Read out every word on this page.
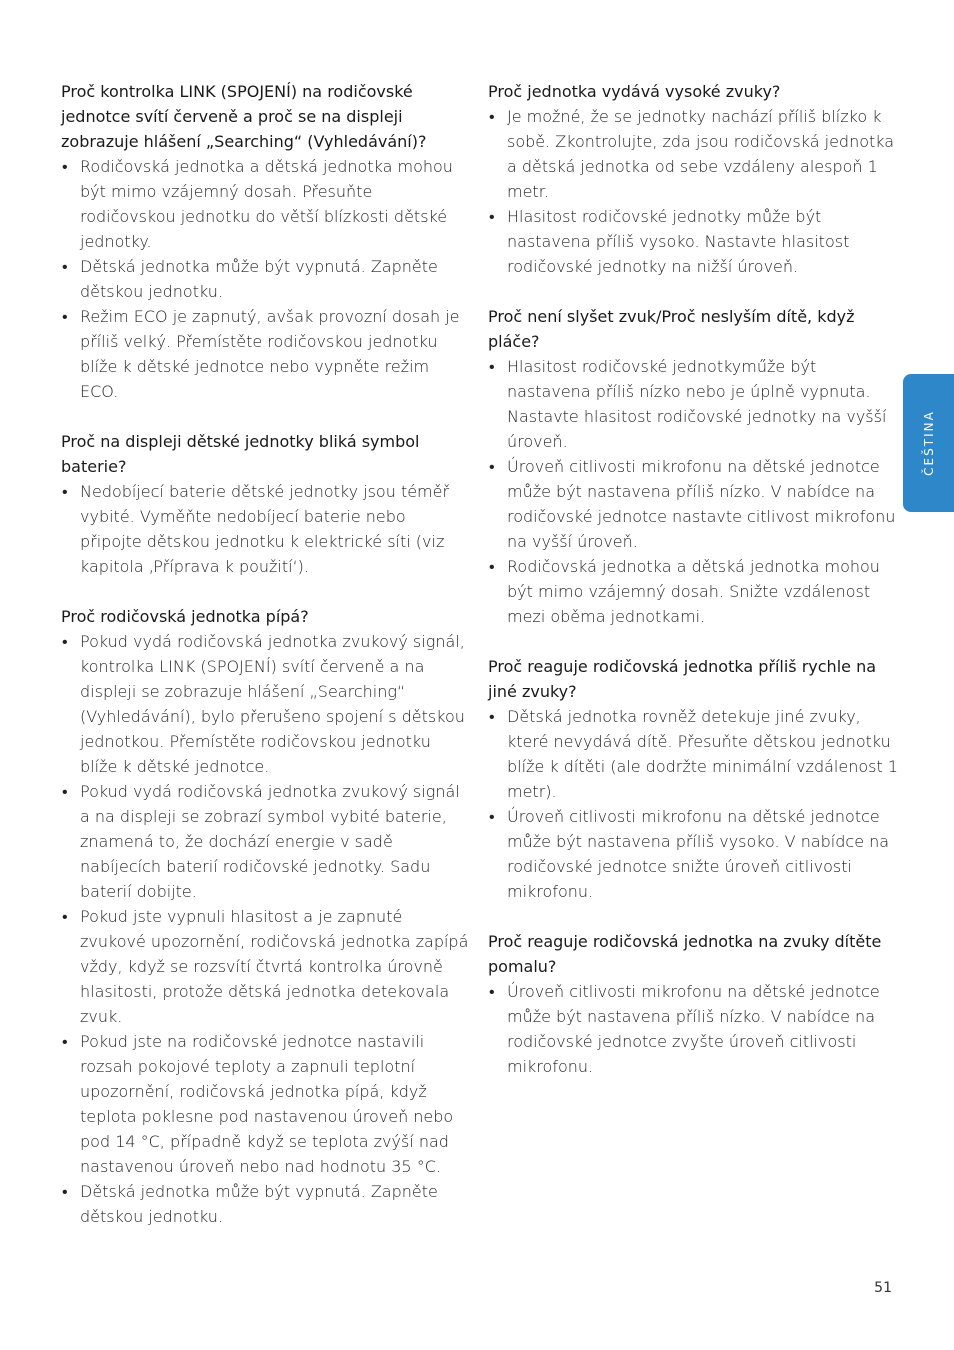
Proč kontrolka LINK (SPOJENÍ) na rodičovské jednotce svítí červeně a proč se na displeji zobrazuje hlášení „Searching“ (Vyhledávání)?
• Rodičovská jednotka a dětská jednotka mohou být mimo vzájemný dosah. Přesuňte rodičovskou jednotku do větší blízkosti dětské jednotky.
• Dětská jednotka může být vypnutá. Zapněte dětskou jednotku.
• Režim ECO je zapnutý, avšak provozní dosah je příliš velký. Přemístěte rodičovskou jednotku blíže k dětské jednotce nebo vypněte režim ECO.
Proč na displeji dětské jednotky bliká symbol baterie?
• Nedobíjecí baterie dětské jednotky jsou téměř vybité. Vyměňte nedobíjecí baterie nebo připojte dětskou jednotku k elektrické síti (viz kapitola ‚Příprava k použití‘).
Proč rodičovská jednotka pípá?
• Pokud vydá rodičovská jednotka zvukový signál, kontrolka LINK (SPOJENÍ) svítí červeně a na displeji se zobrazuje hlášení „Searching“ (Vyhledávání), bylo přerušeno spojení s dětskou jednotkou. Přemístěte rodičovskou jednotku blíže k dětské jednotce.
• Pokud vydá rodičovská jednotka zvukový signál a na displeji se zobrazí symbol vybité baterie, znamená to, že dochází energie v sadě nabíjecích baterií rodičovské jednotky. Sadu baterií dobijte.
• Pokud jste vypnuli hlasitost a je zapnuté zvukové upozornění, rodičovská jednotka zapípá vždy, když se rozsvítí čtvrtá kontrolka úrovně hlasitosti, protože dětská jednotka detekovala zvuk.
• Pokud jste na rodičovské jednotce nastavili rozsah pokojové teploty a zapnuli teplotní upozornění, rodičovská jednotka pípá, když teplota poklesne pod nastavenou úroveň nebo pod 14 °C, případně když se teplota zvýší nad nastavenou úroveň nebo nad hodnotu 35 °C.
• Dětská jednotka může být vypnutá. Zapněte dětskou jednotku.
Proč jednotka vydává vysoké zvuky?
• Je možné, že se jednotky nachází příliš blízko k sobě. Zkontrolujte, zda jsou rodičovská jednotka a dětská jednotka od sebe vzdáleny alespoň 1 metr.
• Hlasitost rodičovské jednotky může být nastavena příliš vysoko. Nastavte hlasitost rodičovské jednotky na nižší úroveň.
Proč není slyšet zvuk/Proč neslyším dítě, když pláče?
• Hlasitost rodičovské jednotkyműže být nastavena příliš nízko nebo je úplně vypnuta. Nastavte hlasitost rodičovské jednotky na vyšší úroveň.
• Úroveň citlivosti mikrofonu na dětské jednotce může být nastavena příliš nízko. V nabídce na rodičovské jednotce nastavte citlivost mikrofonu na vyšší úroveň.
• Rodičovská jednotka a dětská jednotka mohou být mimo vzájemný dosah. Snižte vzdálenost mezi oběma jednotkami.
Proč reaguje rodičovská jednotka příliš rychle na jiné zvuky?
• Dětská jednotka rovněž detekuje jiné zvuky, které nevydává dítě. Přesuňte dětskou jednotku blíže k dítěti (ale dodržte minimální vzdálenost 1 metr).
• Úroveň citlivosti mikrofonu na dětské jednotce může být nastavena příliš vysoko. V nabídce na rodičovské jednotce snižte úroveň citlivosti mikrofonu.
Proč reaguje rodičovská jednotka na zvuky dítěte pomalu?
• Úroveň citlivosti mikrofonu na dětské jednotce může být nastavena příliš nízko. V nabídce na rodičovské jednotce zvyšte úroveň citlivosti mikrofonu.
ČEŠTINA
51
